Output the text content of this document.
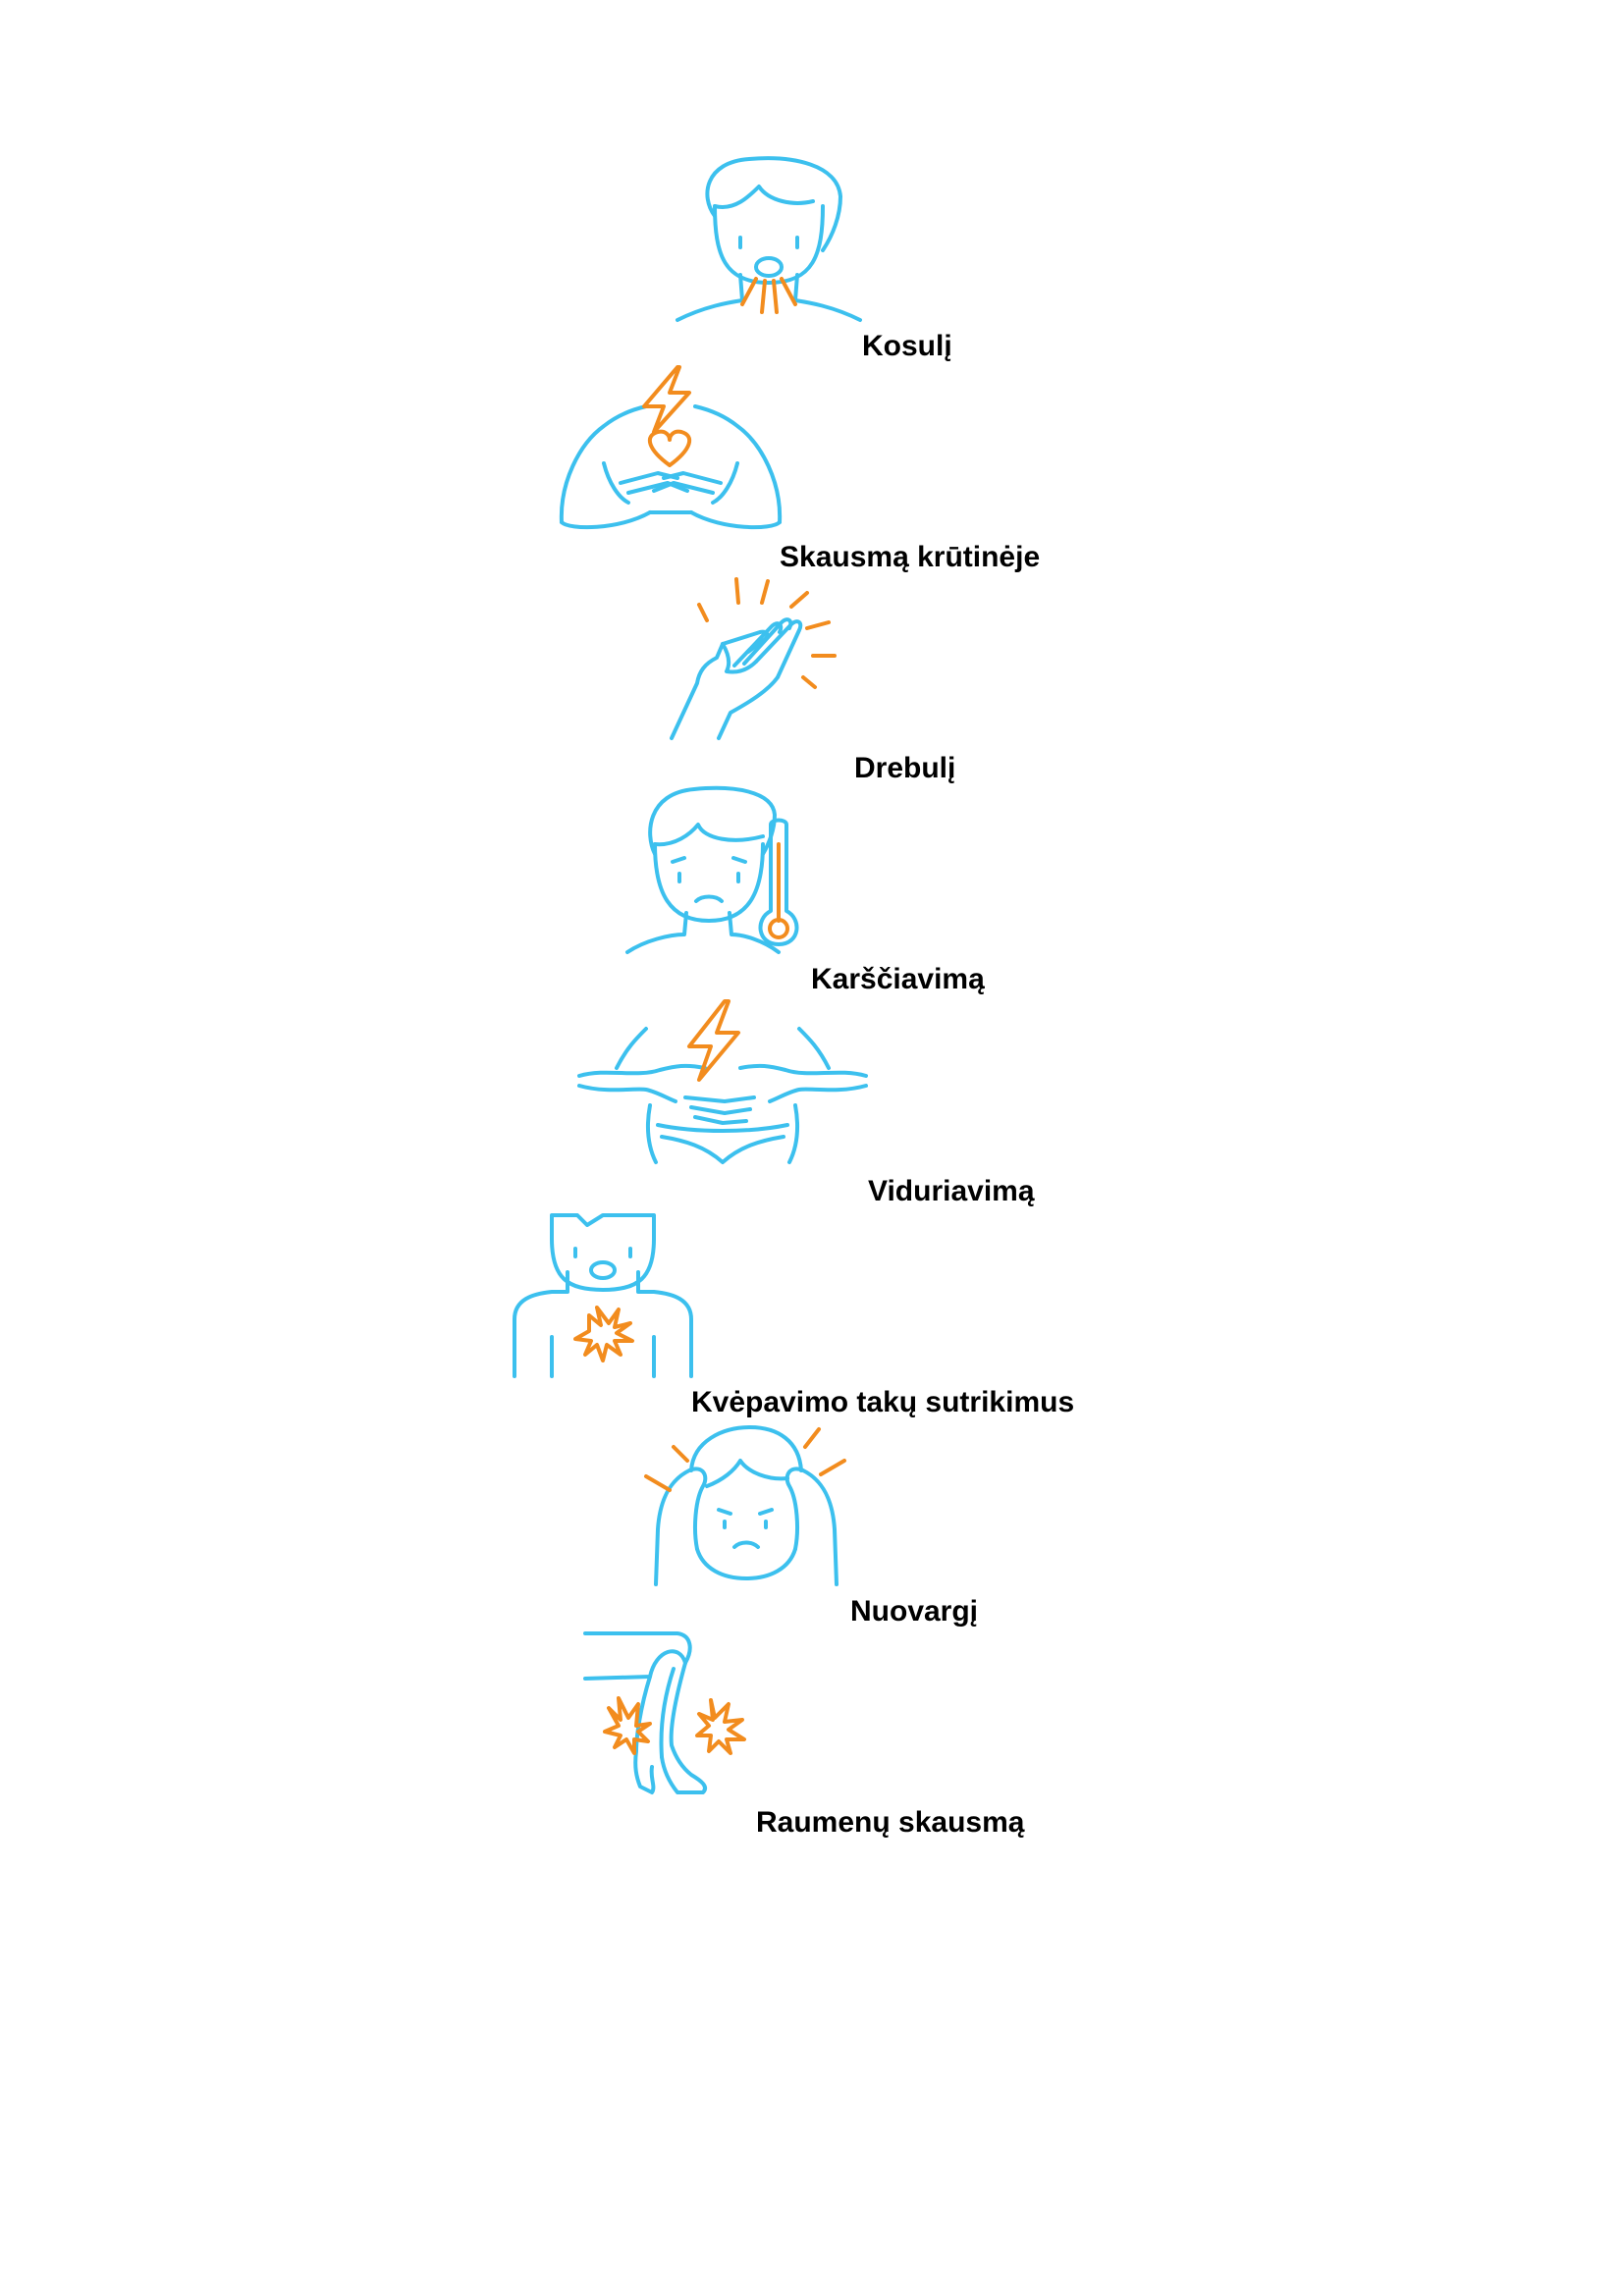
Kosulį
Skausmą krūtinėje
Drebulį
Karščiavimą
Viduriavimą
Kvėpavimo takų sutrikimus
Nuovargį
Raumenų skausmą
